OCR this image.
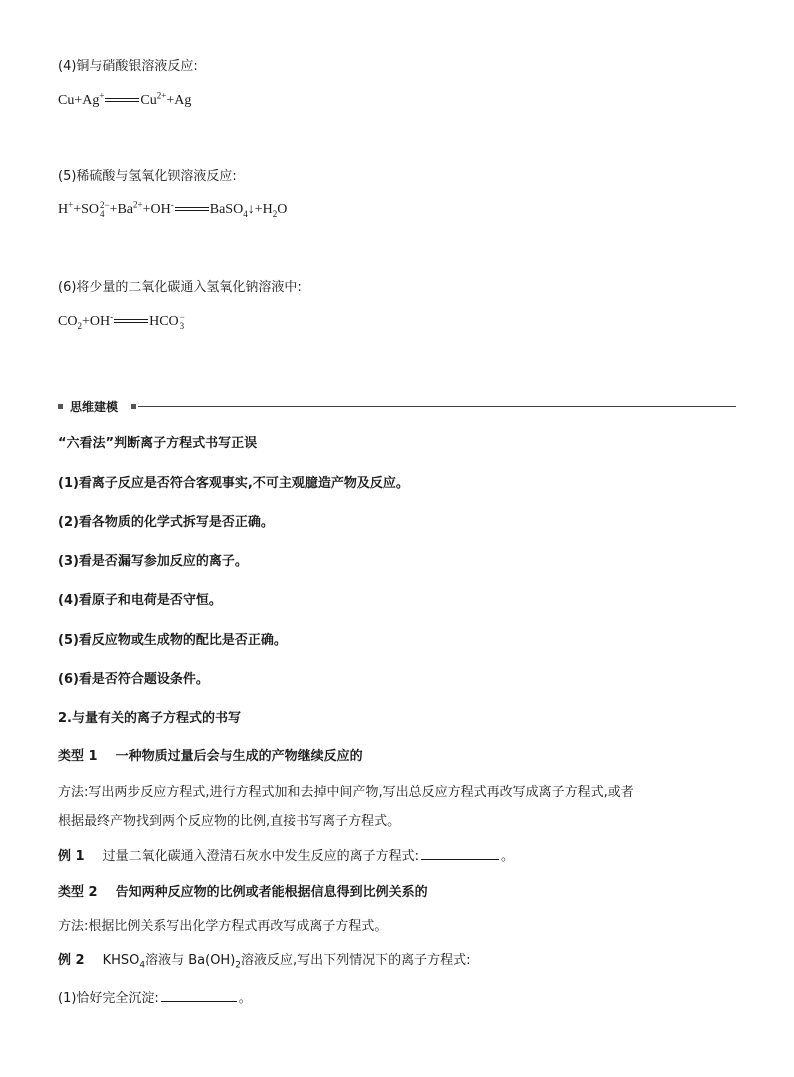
(4)铜与硝酸银溶液反应:
Cu+Ag+	$Cu^{2+}+Ag$
(5)稀硫酸与氢氧化钡溶液反应:
H++SO 2−
$4 +Ba^{2+}+OH^-$	$BaSO_4↓+H_2O$
(6)将少量的二氧化碳通入氢氧化钠溶液中:
$CO_2+OH^-$	HCO −
3
思维建模
“六看法”判断离子方程式书写正误
(1)看离子反应是否符合客观事实,不可主观臆造产物及反应。
(2)看各物质的化学式拆写是否正确。
(3)看是否漏写参加反应的离子。
(4)看原子和电荷是否守恒。
(5)看反应物或生成物的配比是否正确。
(6)看是否符合题设条件。
2.与量有关的离子方程式的书写
类型 1 一种物质过量后会与生成的产物继续反应的
方法:写出两步反应方程式,进行方程式加和去掉中间产物,写出总反应方程式再改写成离子方程式,或者
根据最终产物找到两个反应物的比例,直接书写离子方程式。
例 1 过量二氧化碳通入澄清石灰水中发生反应的离子方程式:	。
类型 2 告知两种反应物的比例或者能根据信息得到比例关系的
方法:根据比例关系写出化学方程式再改写成离子方程式。
例 2 $KHSO_4$溶液与 $Ba(OH)_2$溶液反应,写出下列情况下的离子方程式:
(1)恰好完全沉淀:	。
